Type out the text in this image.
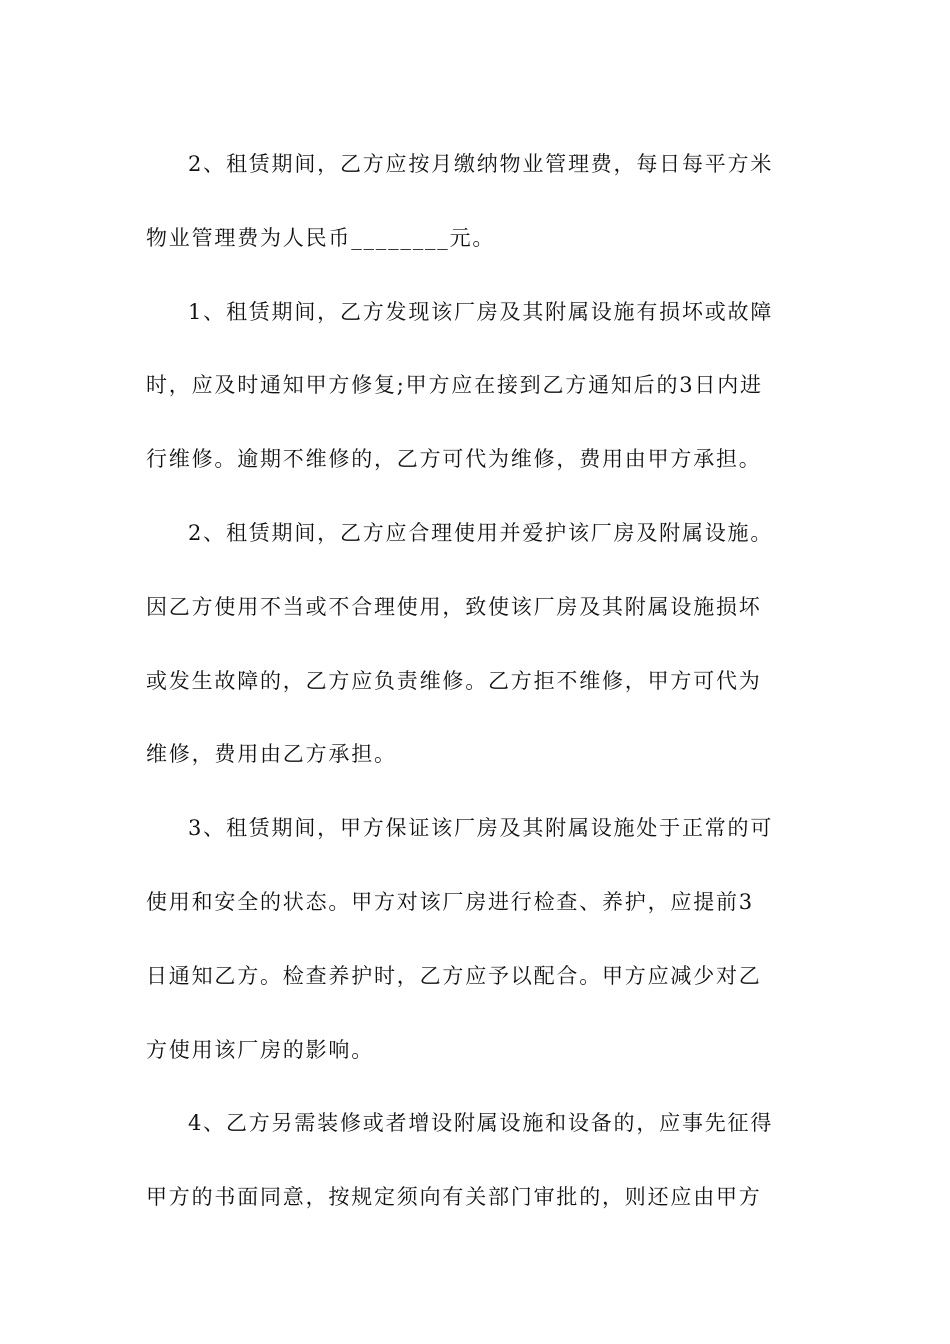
2、租赁期间，乙方应按月缴纳物业管理费，每日每平方米
物业管理费为人民币________元。
1、租赁期间，乙方发现该厂房及其附属设施有损坏或故障
时，应及时通知甲方修复;甲方应在接到乙方通知后的3日内进
行维修。逾期不维修的，乙方可代为维修，费用由甲方承担。
2、租赁期间，乙方应合理使用并爱护该厂房及附属设施。
因乙方使用不当或不合理使用，致使该厂房及其附属设施损坏
或发生故障的，乙方应负责维修。乙方拒不维修，甲方可代为
维修，费用由乙方承担。
3、租赁期间，甲方保证该厂房及其附属设施处于正常的可
使用和安全的状态。甲方对该厂房进行检查、养护，应提前3
日通知乙方。检查养护时，乙方应予以配合。甲方应减少对乙
方使用该厂房的影响。
4、乙方另需装修或者增设附属设施和设备的，应事先征得
甲方的书面同意，按规定须向有关部门审批的，则还应由甲方
